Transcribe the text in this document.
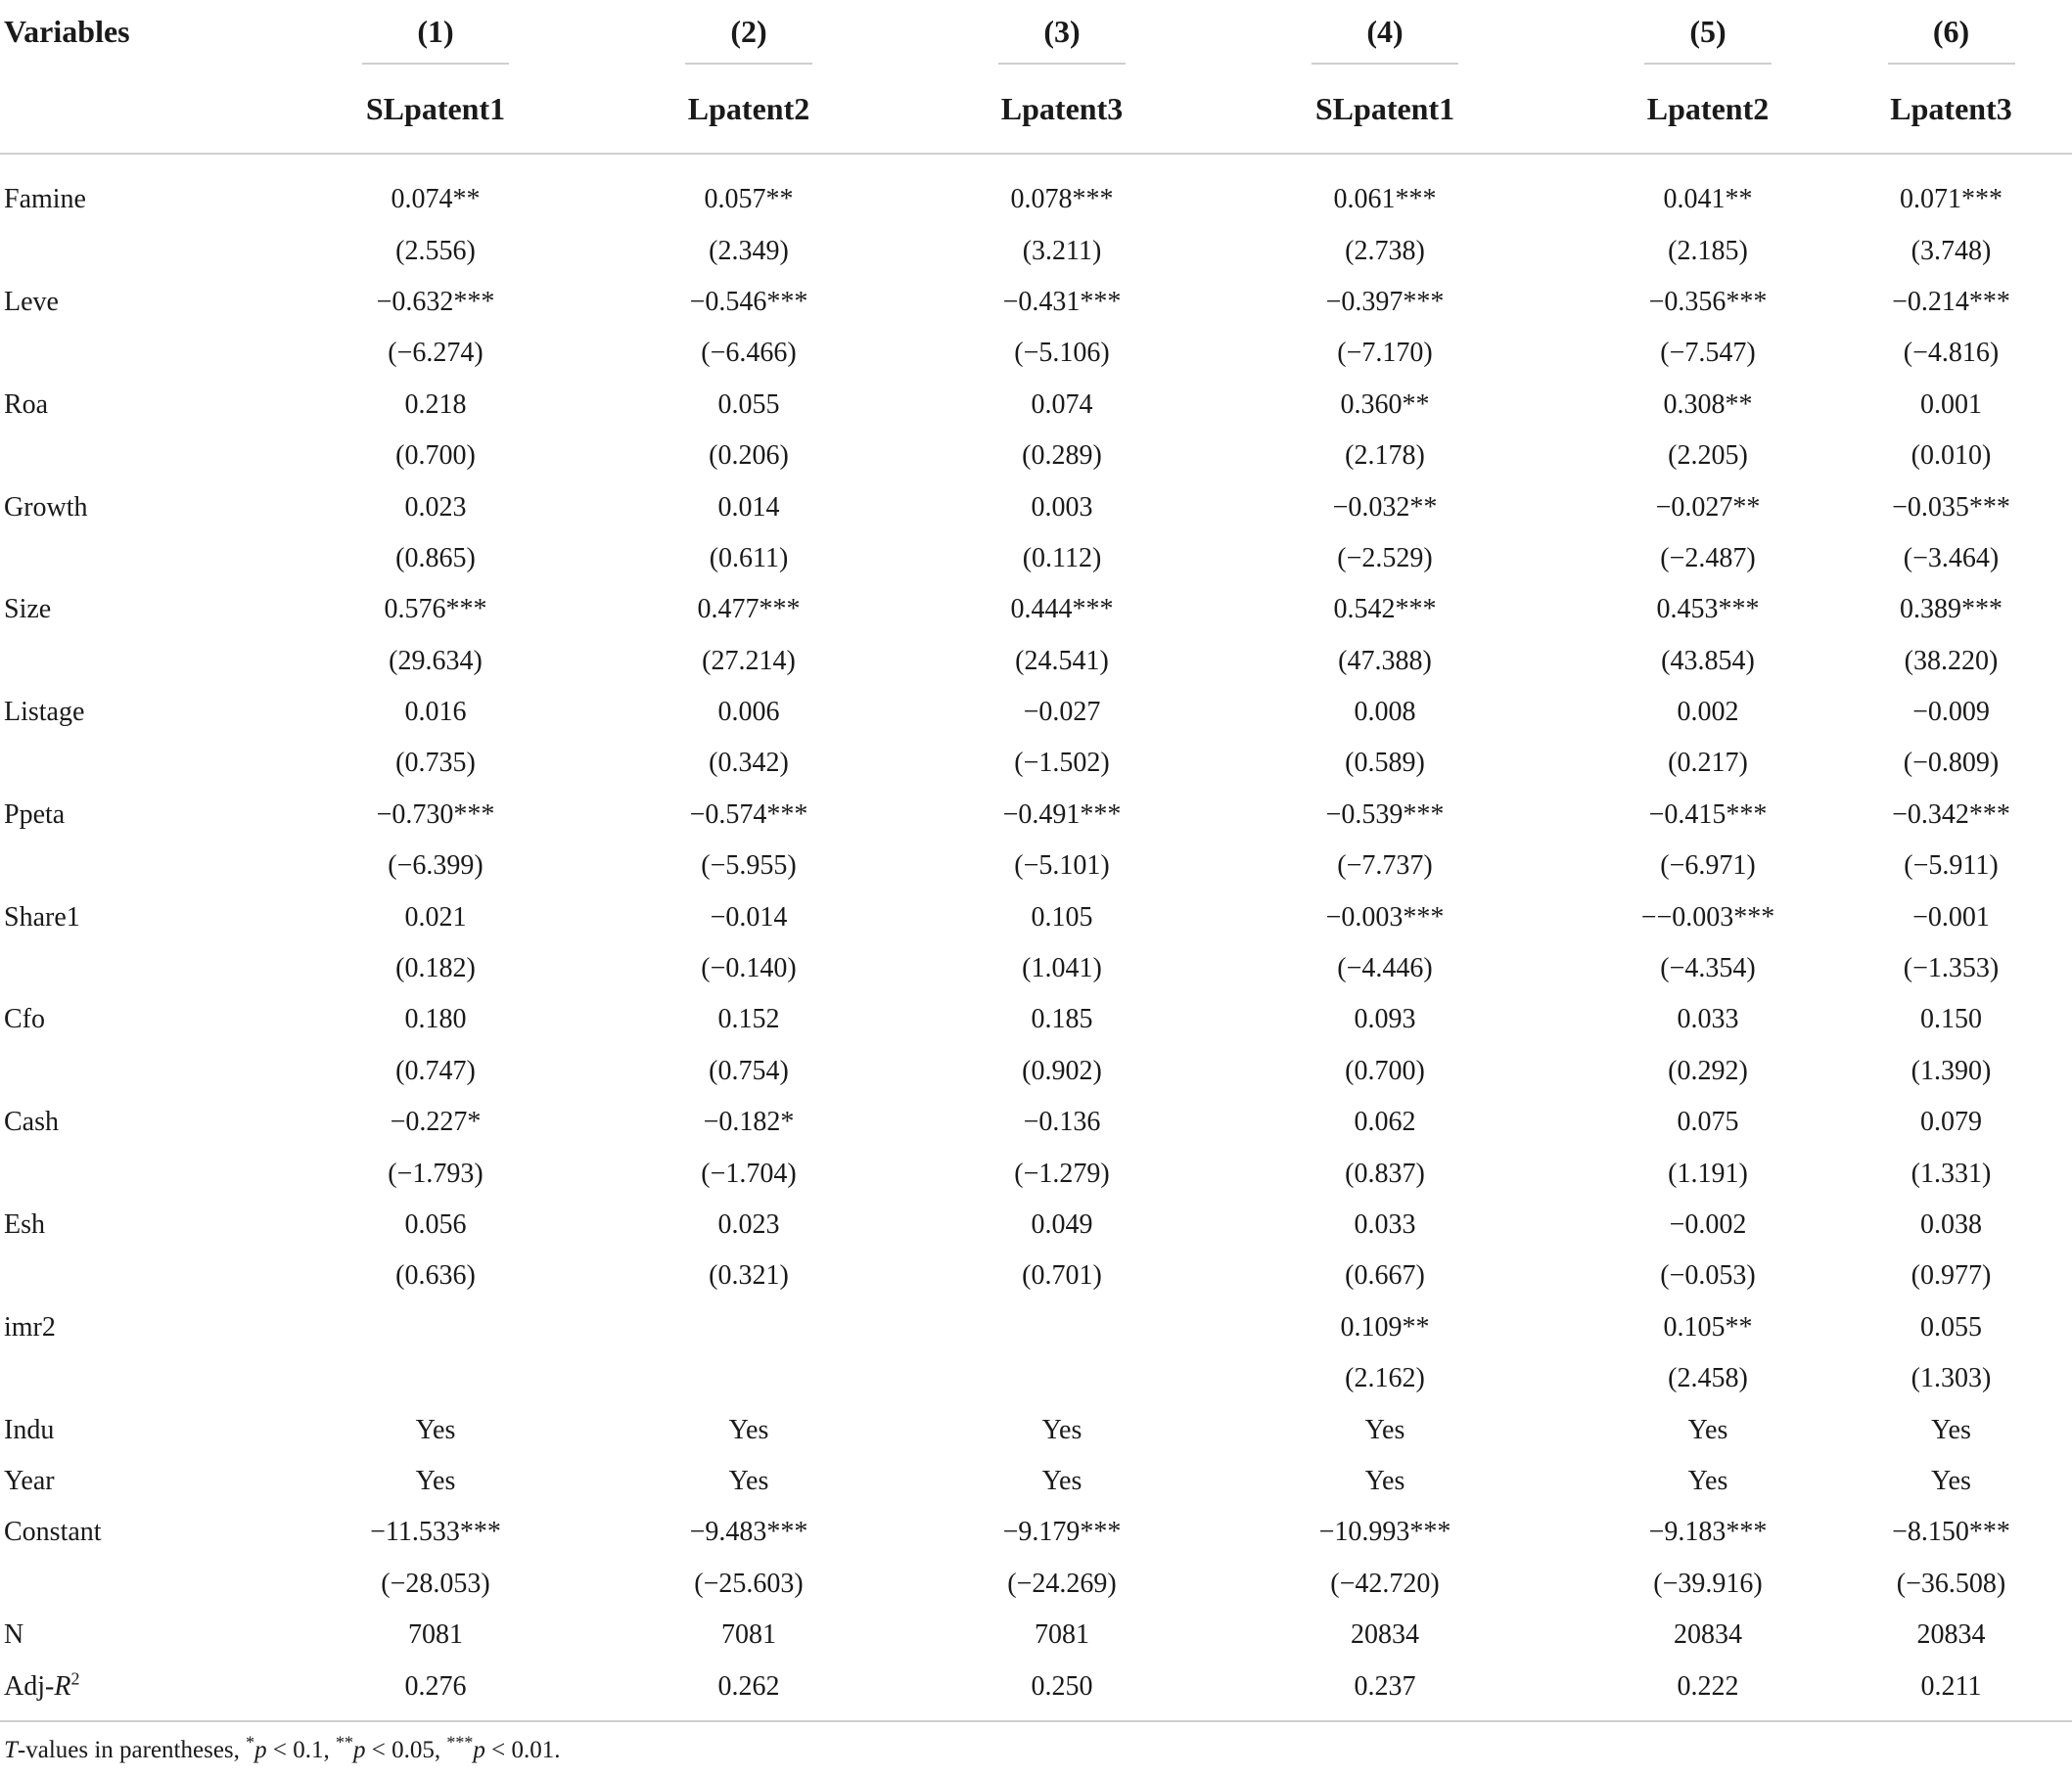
Variables	(1)	(2)	(3)	(4)	(5)	(6)

	SLpatent1	Lpatent2	Lpatent3	SLpatent1	Lpatent2	Lpatent3
Famine	0.074**	0.057**	0.078***	0.061***	0.041**	0.071***
	(2.556)	(2.349)	(3.211)	(2.738)	(2.185)	(3.748)
Leve	−0.632***	−0.546***	−0.431***	−0.397***	−0.356***	−0.214***
	(−6.274)	(−6.466)	(−5.106)	(−7.170)	(−7.547)	(−4.816)
Roa	0.218	0.055	0.074	0.360**	0.308**	0.001
	(0.700)	(0.206)	(0.289)	(2.178)	(2.205)	(0.010)
Growth	0.023	0.014	0.003	−0.032**	−0.027**	−0.035***
	(0.865)	(0.611)	(0.112)	(−2.529)	(−2.487)	(−3.464)
Size	0.576***	0.477***	0.444***	0.542***	0.453***	0.389***
	(29.634)	(27.214)	(24.541)	(47.388)	(43.854)	(38.220)
Listage	0.016	0.006	−0.027	0.008	0.002	−0.009
	(0.735)	(0.342)	(−1.502)	(0.589)	(0.217)	(−0.809)
Ppeta	−0.730***	−0.574***	−0.491***	−0.539***	−0.415***	−0.342***
	(−6.399)	(−5.955)	(−5.101)	(−7.737)	(−6.971)	(−5.911)
Share1	0.021	−0.014	0.105	−0.003***	−−0.003***	−0.001
	(0.182)	(−0.140)	(1.041)	(−4.446)	(−4.354)	(−1.353)
Cfo	0.180	0.152	0.185	0.093	0.033	0.150
	(0.747)	(0.754)	(0.902)	(0.700)	(0.292)	(1.390)
Cash	−0.227*	−0.182*	−0.136	0.062	0.075	0.079
	(−1.793)	(−1.704)	(−1.279)	(0.837)	(1.191)	(1.331)
Esh	0.056	0.023	0.049	0.033	−0.002	0.038
	(0.636)	(0.321)	(0.701)	(0.667)	(−0.053)	(0.977)
imr2				0.109**	0.105**	0.055
				(2.162)	(2.458)	(1.303)
Indu	Yes	Yes	Yes	Yes	Yes	Yes
Year	Yes	Yes	Yes	Yes	Yes	Yes
Constant	−11.533***	−9.483***	−9.179***	−10.993***	−9.183***	−8.150***
	(−28.053)	(−25.603)	(−24.269)	(−42.720)	(−39.916)	(−36.508)
N	7081	7081	7081	20834	20834	20834
Adj-$R^2$	0.276	0.262	0.250	0.237	0.222	0.211
T-values in parentheses, *p < 0.1, **p < 0.05, ***p < 0.01.
